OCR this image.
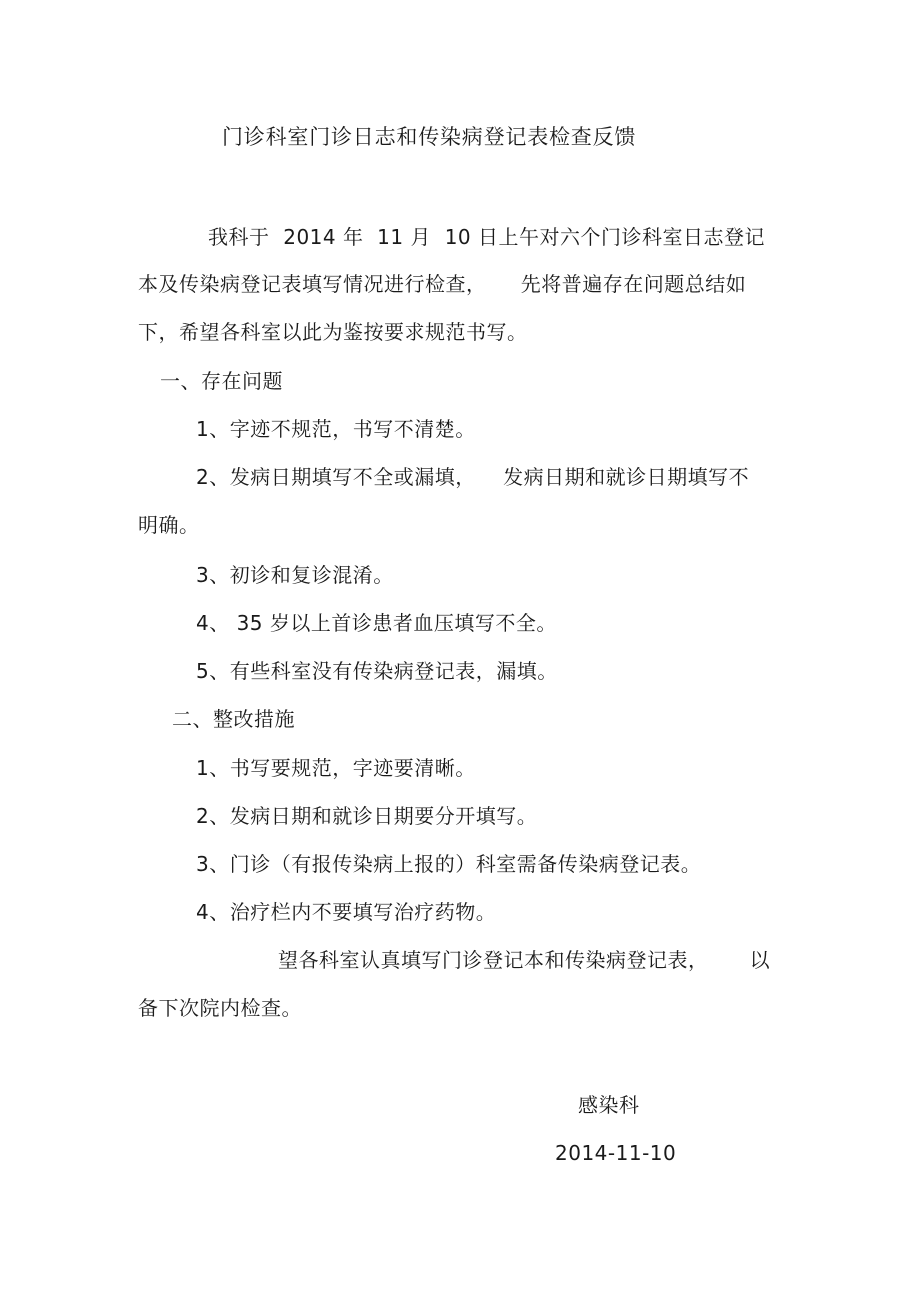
门诊科室门诊日志和传染病登记表检查反馈
我科于  2014 年  11 月  10 日上午对六个门诊科室日志登记
本及传染病登记表填写情况进行检查，     先将普遍存在问题总结如
下，希望各科室以此为鉴按要求规范书写。
一、存在问题
1、字迹不规范，书写不清楚。
2、发病日期填写不全或漏填，    发病日期和就诊日期填写不
明确。
3、初诊和复诊混淆。
4、 35 岁以上首诊患者血压填写不全。
5、有些科室没有传染病登记表，漏填。
二、整改措施
1、书写要规范，字迹要清晰。
2、发病日期和就诊日期要分开填写。
3、门诊（有报传染病上报的）科室需备传染病登记表。
4、治疗栏内不要填写治疗药物。
望各科室认真填写门诊登记本和传染病登记表，      以
备下次院内检查。
感染科
2014-11-10
